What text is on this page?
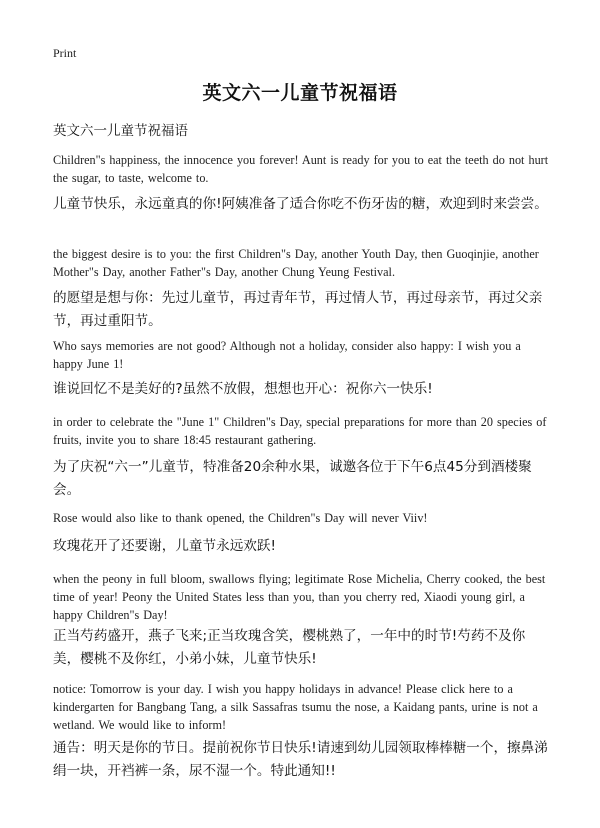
Print
英文六一儿童节祝福语
英文六一儿童节祝福语
Children"s happiness, the innocence you forever! Aunt is ready for you to eat the teeth do not hurt the sugar, to taste, welcome to.
儿童节快乐，永远童真的你!阿姨准备了适合你吃不伤牙齿的糖，欢迎到时来尝尝。
the biggest desire is to you: the first Children"s Day, another Youth Day, then Guoqinjie, another Mother"s Day, another Father"s Day, another Chung Yeung Festival.
的愿望是想与你：先过儿童节，再过青年节，再过情人节，再过母亲节，再过父亲节，再过重阳节。
Who says memories are not good? Although not a holiday, consider also happy: I wish you a happy June 1!
谁说回忆不是美好的?虽然不放假，想想也开心：祝你六一快乐!
in order to celebrate the "June 1" Children"s Day, special preparations for more than 20 species of fruits, invite you to share 18:45 restaurant gathering.
为了庆祝“六一”儿童节，特准备20余种水果，诚邀各位于下午6点45分到酒楼聚会。
Rose would also like to thank opened, the Children"s Day will never Viiv!
玫瑰花开了还要谢，儿童节永远欢跃!
when the peony in full bloom, swallows flying; legitimate Rose Michelia, Cherry cooked, the best time of year! Peony the United States less than you, than you cherry red, Xiaodi young girl, a happy Children"s Day!
正当芍药盛开，燕子飞来;正当玫瑰含笑，樱桃熟了，一年中的时节!芍药不及你美，樱桃不及你红，小弟小妹，儿童节快乐!
notice: Tomorrow is your day. I wish you happy holidays in advance! Please click here to a kindergarten for Bangbang Tang, a silk Sassafras tsumu the nose, a Kaidang pants, urine is not a wetland. We would like to inform!
通告：明天是你的节日。提前祝你节日快乐!请速到幼儿园领取棒棒糖一个，擦鼻涕绢一块，开裆裤一条，尿不湿一个。特此通知!!
